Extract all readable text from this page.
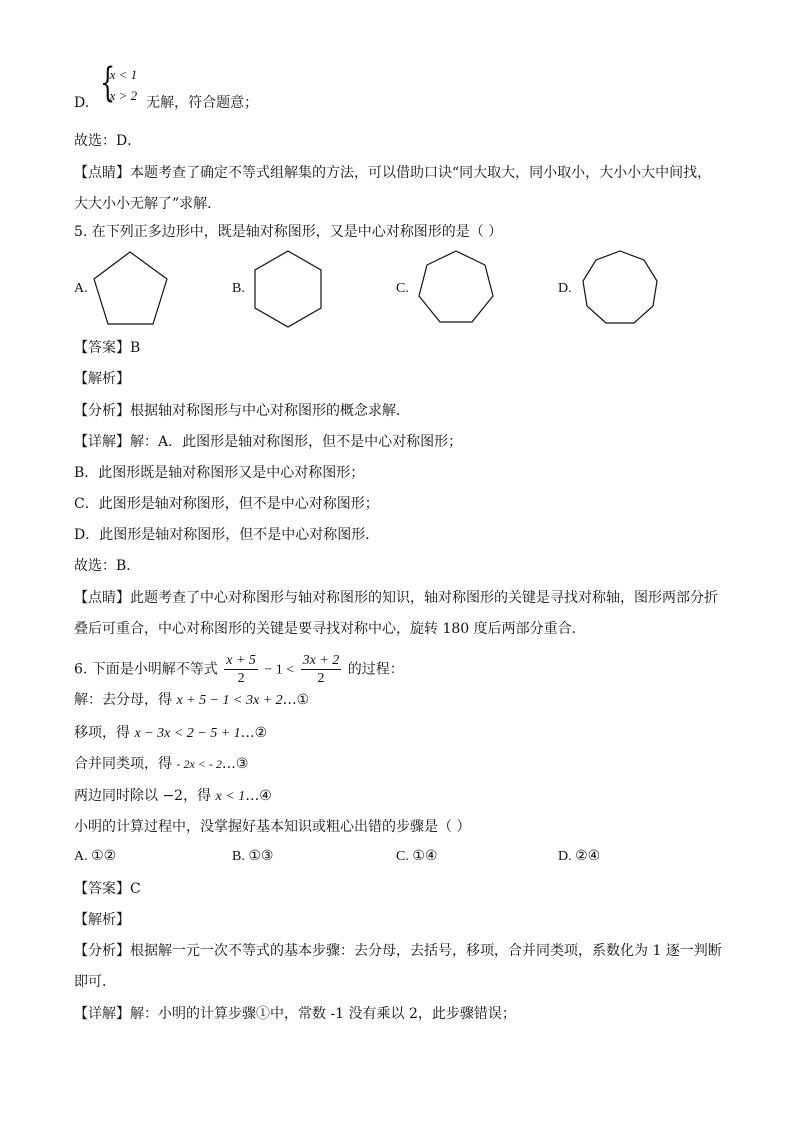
D. {
x < 1
x > 2 无解，符合题意；
故选：D．
【点睛】本题考查了确定不等式组解集的方法，可以借助口诀“同大取大，同小取小，大小小大中间找，
大大小小无解了”求解．
5. 在下列正多边形中，既是轴对称图形，又是中心对称图形的是（ ）
A.	B.	C.	D.
【答案】B
【解析】
【分析】根据轴对称图形与中心对称图形的概念求解．
【详解】解：A．此图形是轴对称图形，但不是中心对称图形；
B．此图形既是轴对称图形又是中心对称图形；
C．此图形是轴对称图形，但不是中心对称图形；
D．此图形是轴对称图形，但不是中心对称图形．
故选：B．
【点睛】此题考查了中心对称图形与轴对称图形的知识，轴对称图形的关键是寻找对称轴，图形两部分折
叠后可重合，中心对称图形的关键是要寻找对称中心，旋转 180 度后两部分重合．
6. 下面是小明解不等式 $\frac{x + 5}{2} - 1 < \frac{3x + 2}{2}$ 的过程：
解：去分母，得 x + 5 − 1 < 3x + 2…①
移项，得 x − 3x < 2 − 5 + 1…②
合并同类项，得 - 2x < - 2…③
两边同时除以 −2，得 x < 1…④
小明的计算过程中，没掌握好基本知识或粗心出错的步骤是（ ）
A. ①②	B. ①③	C. ①④	D. ②④
【答案】C
【解析】
【分析】根据解一元一次不等式的基本步骤：去分母，去括号，移项，合并同类项，系数化为 1 逐一判断
即可．
【详解】解：小明的计算步骤①中，常数 -1 没有乘以 2，此步骤错误；
